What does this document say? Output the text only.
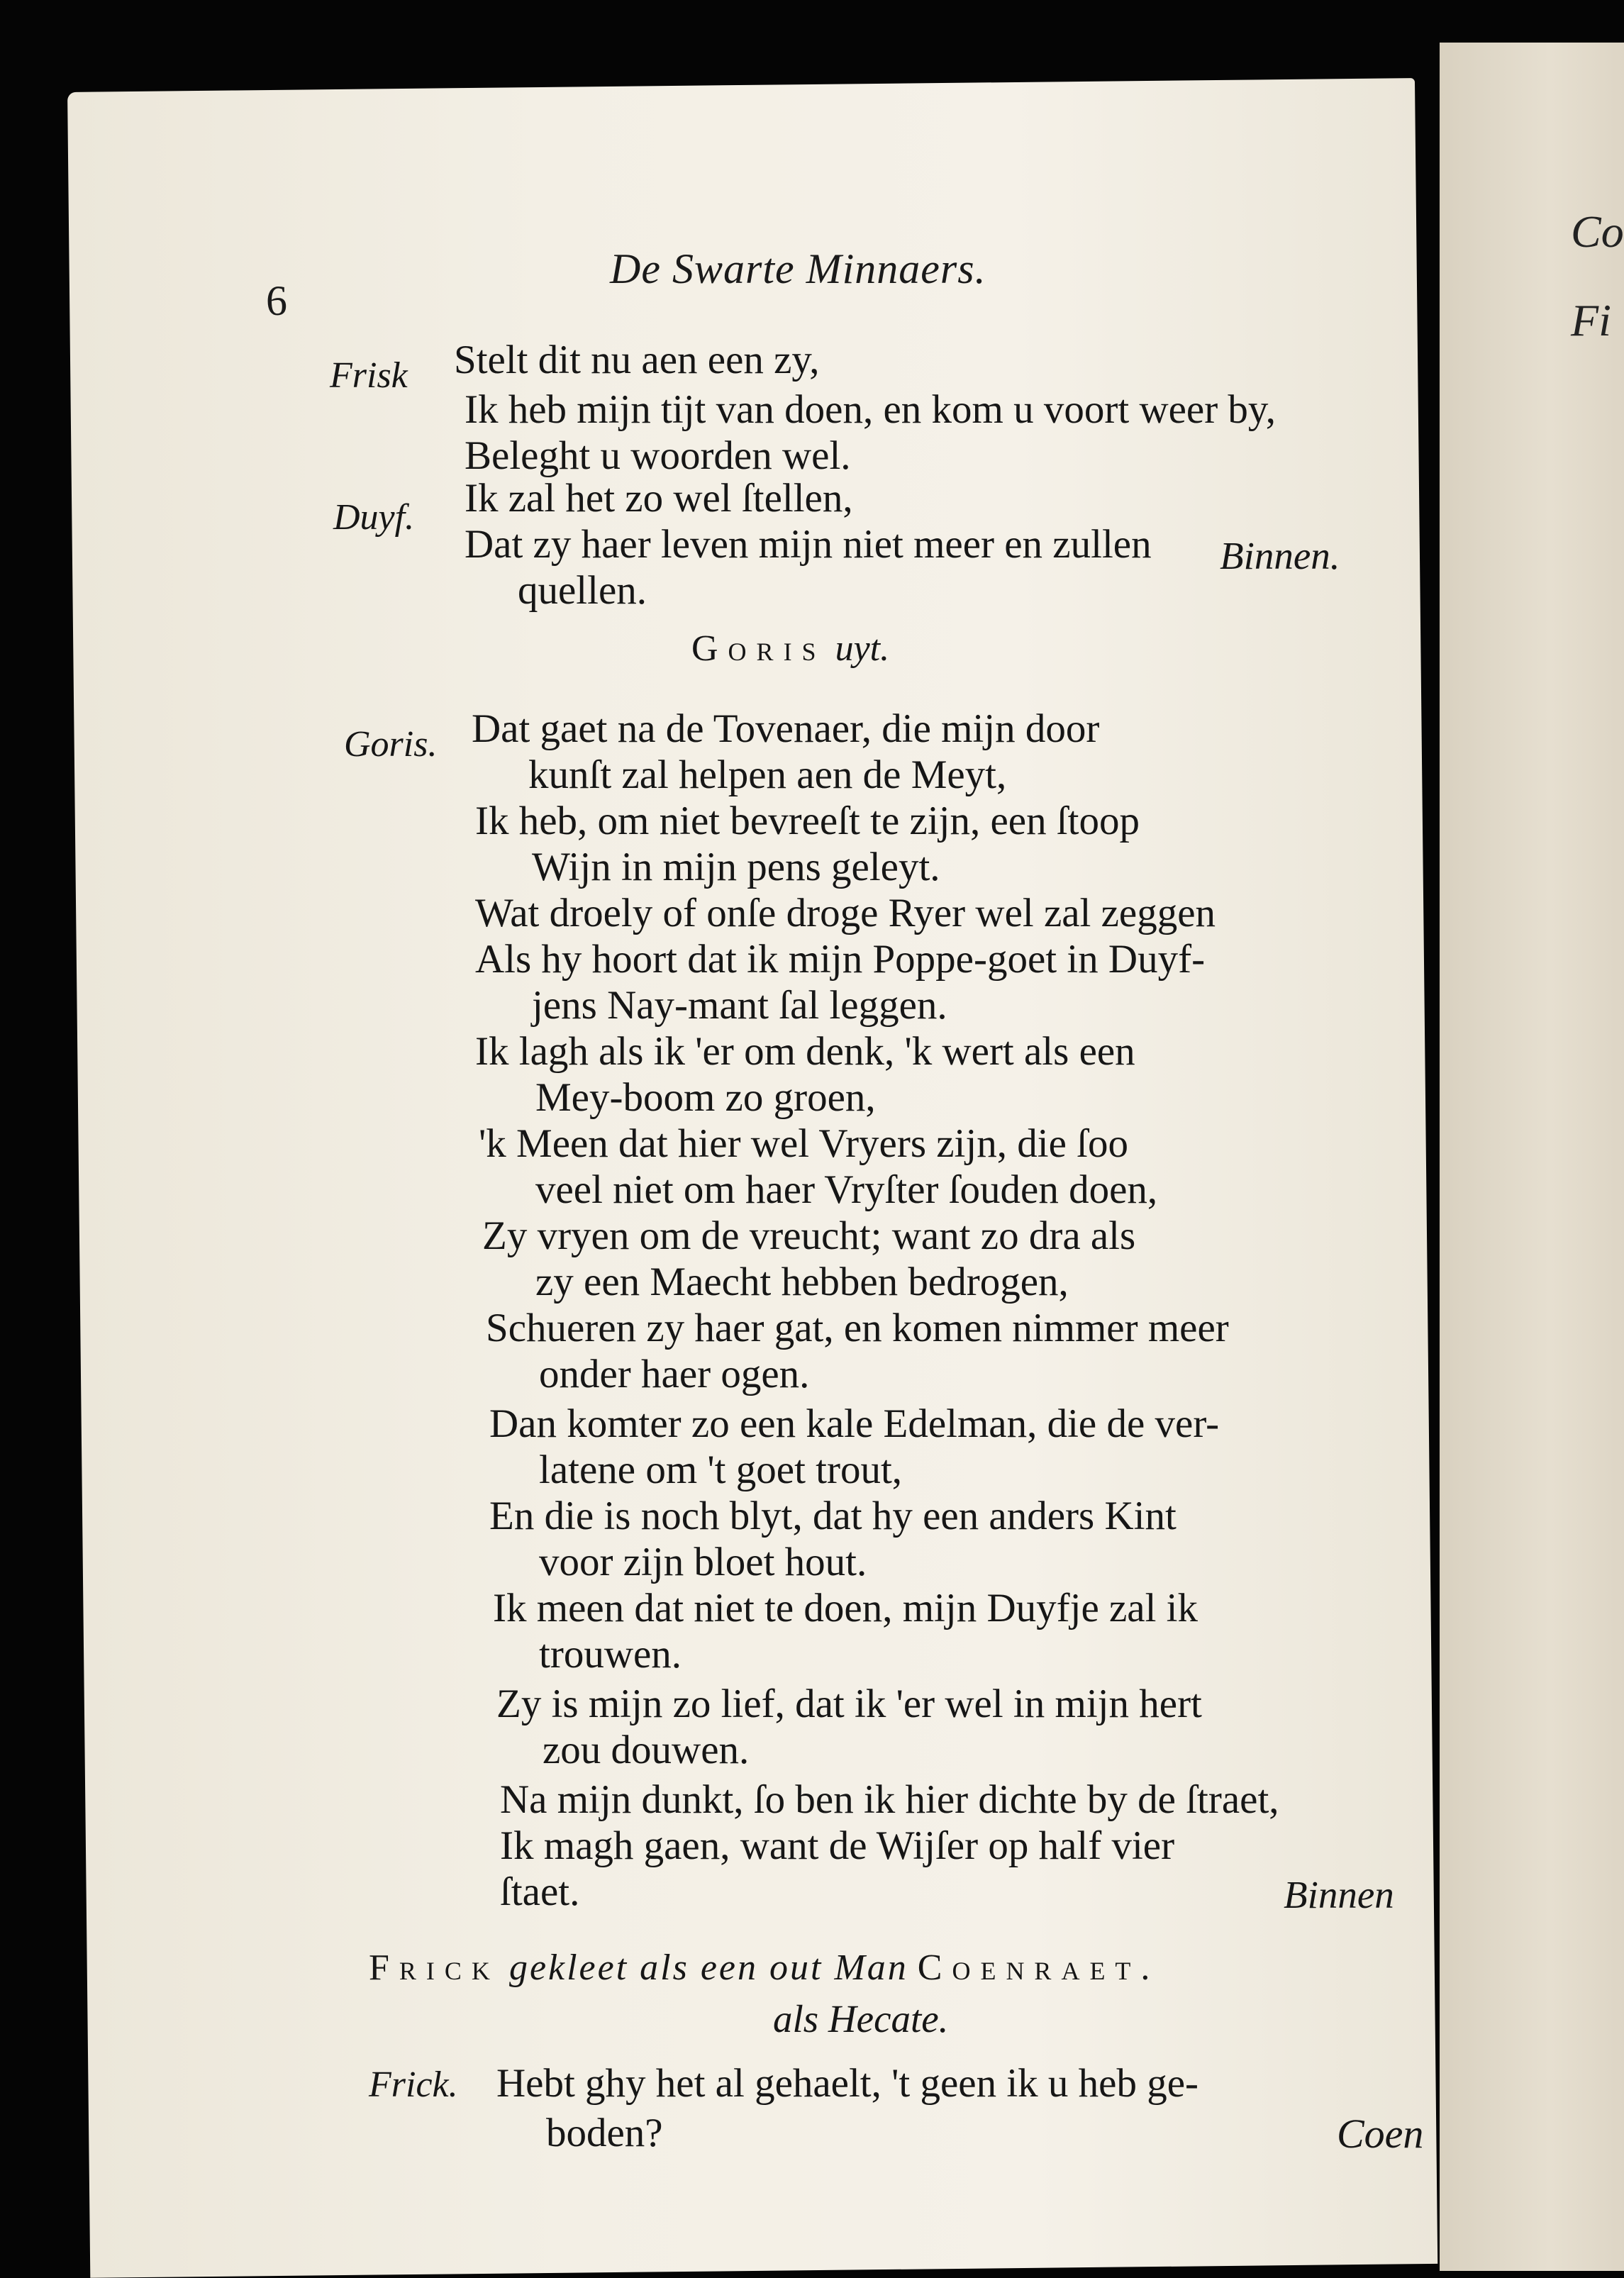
Co
Fi
6
De Swarte Minnaers.
Frisk Stelt dit nu aen een zy,
Ik heb mijn tijt van doen, en kom u voort weer by,
Beleght u woorden wel.
Duyf. Ik zal het zo wel ſtellen,
Dat zy haer leven mijn niet meer en zullen
quellen.
Binnen.
Goris uyt.
Goris. Dat gaet na de Tovenaer, die mijn door
kunſt zal helpen aen de Meyt,
Ik heb, om niet bevreeſt te zijn, een ſtoop
Wijn in mijn pens geleyt.
Wat droely of onſe droge Ryer wel zal zeggen
Als hy hoort dat ik mijn Poppe-goet in Duyf-
jens Nay-mant ſal leggen.
Ik lagh als ik 'er om denk, 'k wert als een
Mey-boom zo groen,
'k Meen dat hier wel Vryers zijn, die ſoo
veel niet om haer Vryſter ſouden doen,
Zy vryen om de vreucht; want zo dra als
zy een Maecht hebben bedrogen,
Schueren zy haer gat, en komen nimmer meer
onder haer ogen.
Dan komter zo een kale Edelman, die de ver-
latene om 't goet trout,
En die is noch blyt, dat hy een anders Kint
voor zijn bloet hout.
Ik meen dat niet te doen, mijn Duyfje zal ik
trouwen.
Zy is mijn zo lief, dat ik 'er wel in mijn hert
zou douwen.
Na mijn dunkt, ſo ben ik hier dichte by de ſtraet,
Ik magh gaen, want de Wijſer op half vier
ſtaet.	Binnen
Frick gekleet als een out Man Coenraet.
als Hecate.
Frick. Hebt ghy het al gehaelt, 't geen ik u heb ge-
boden?	Coen
